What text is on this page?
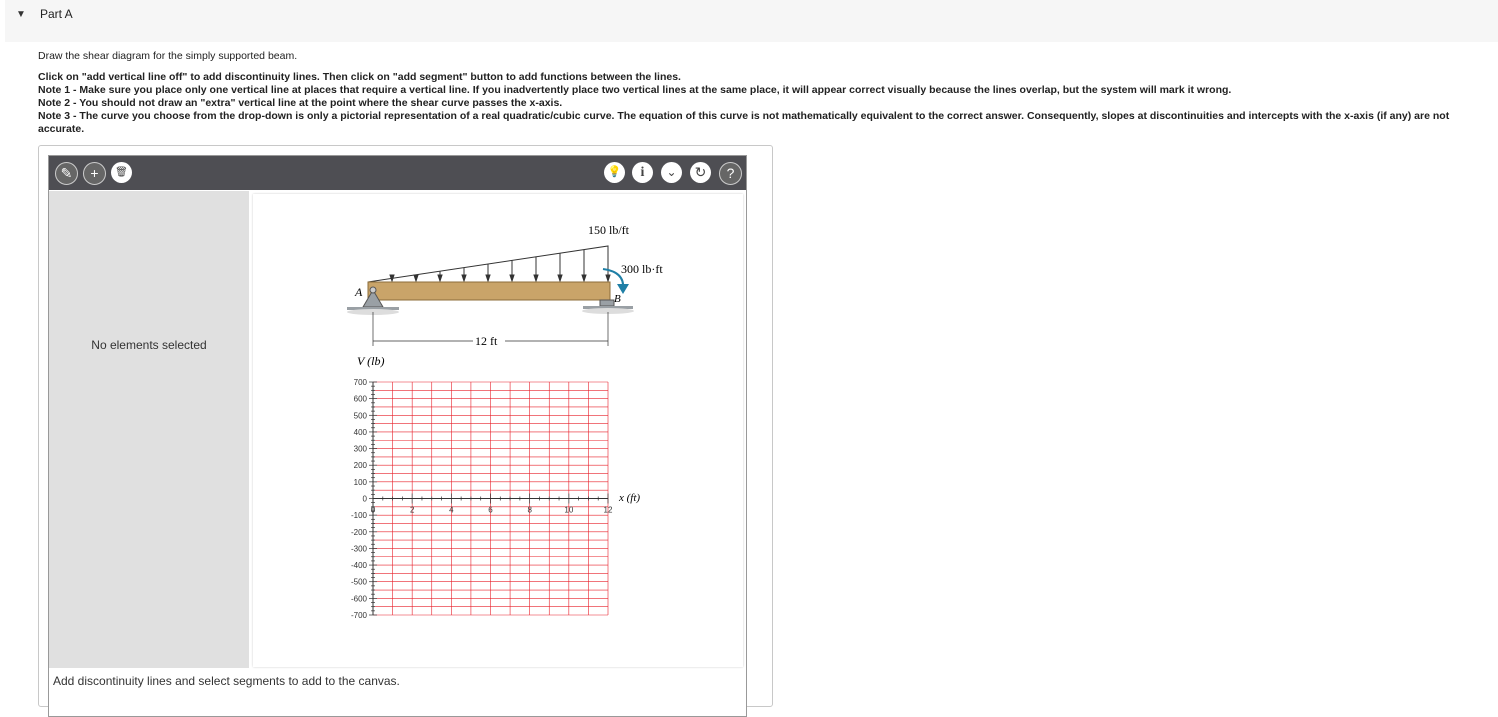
▼ Part A
Draw the shear diagram for the simply supported beam.
Click on "add vertical line off" to add discontinuity lines. Then click on "add segment" button to add functions between the lines.
Note 1 - Make sure you place only one vertical line at places that require a vertical line. If you inadvertently place two vertical lines at the same place, it will appear correct visually because the lines overlap, but the system will mark it wrong.
Note 2 - You should not draw an "extra" vertical line at the point where the shear curve passes the x-axis.
Note 3 - The curve you choose from the drop-down is only a pictorial representation of a real quadratic/cubic curve. The equation of this curve is not mathematically equivalent to the correct answer. Consequently, slopes at discontinuities and intercepts with the x-axis (if any) are not accurate.
✎	+	🗑	💡	i	⌄	↻	?
No elements selected
150 lb/ft
300 lb·ft
A	B
12 ft
V (lb)
x (ft)
700
600
500
400
300
200
100
0
-100
-200
-300
-400
-500
-600
-700
0	2	4	6	8	10	12
Add discontinuity lines and select segments to add to the canvas.
